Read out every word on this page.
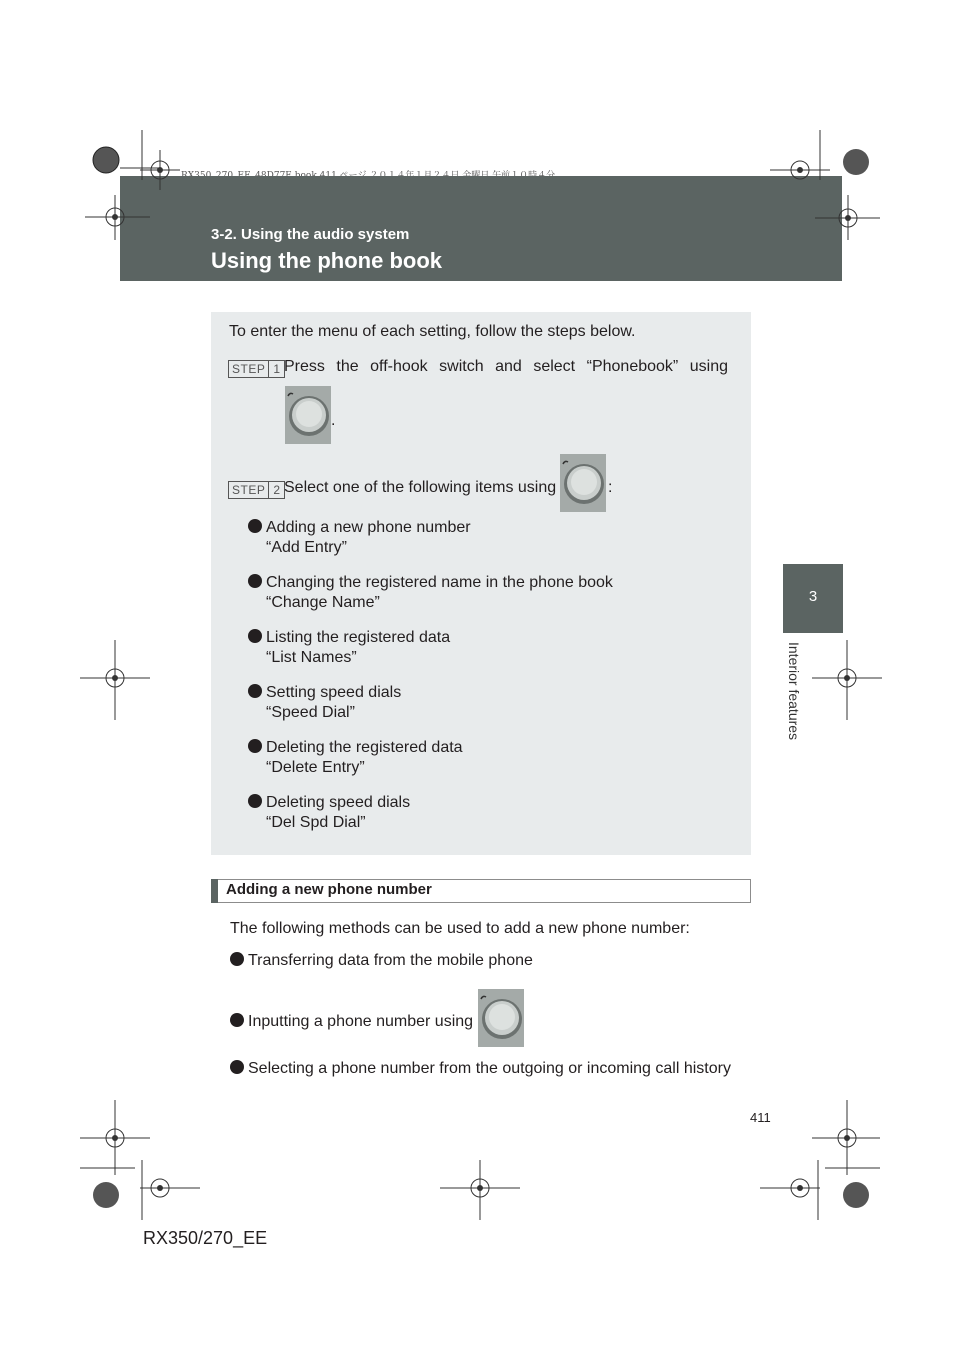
3-2. Using the audio system
Using the phone book
3
Interior features
To enter the menu of each setting, follow the steps below.
STEP 1 Press the off-hook switch and select “Phonebook” using
.
STEP 2 Select one of the following items using	:
Adding a new phone number
“Add Entry”
Changing the registered name in the phone book
“Change Name”
Listing the registered data
“List Names”
Setting speed dials
“Speed Dial”
Deleting the registered data
“Delete Entry”
Deleting speed dials
“Del Spd Dial”
Adding a new phone number
The following methods can be used to add a new phone number:
Transferring data from the mobile phone
Inputting a phone number using
Selecting a phone number from the outgoing or incoming call history
411
RX350/270_EE
